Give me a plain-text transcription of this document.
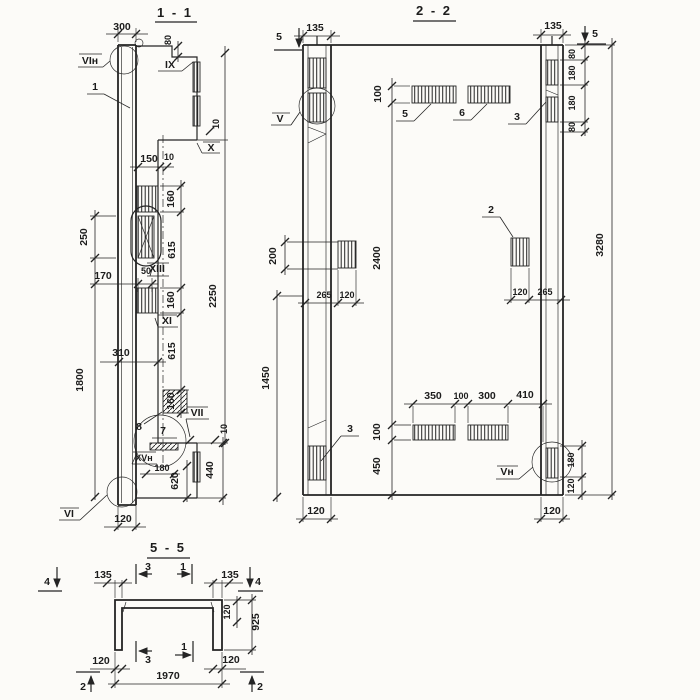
1 - 1
300
80
10
VIн	IX
X
1
150 10
160
615
160
615
160
2250
XIII
170	50
XI
310
8 7
VII
10
440
XVн
180
620
120
VI
250
1800
2 - 2
5	5
135	135
V
100
5	6	3
80
180
180
80
3280
200	2400
265 120
2
120 265
1450
350 100 300 410
100
450
3
Vн
180
120
120	120
5 - 5
4	4
3	1
3
1
2	2
135	135
120
925
120	120
1970
